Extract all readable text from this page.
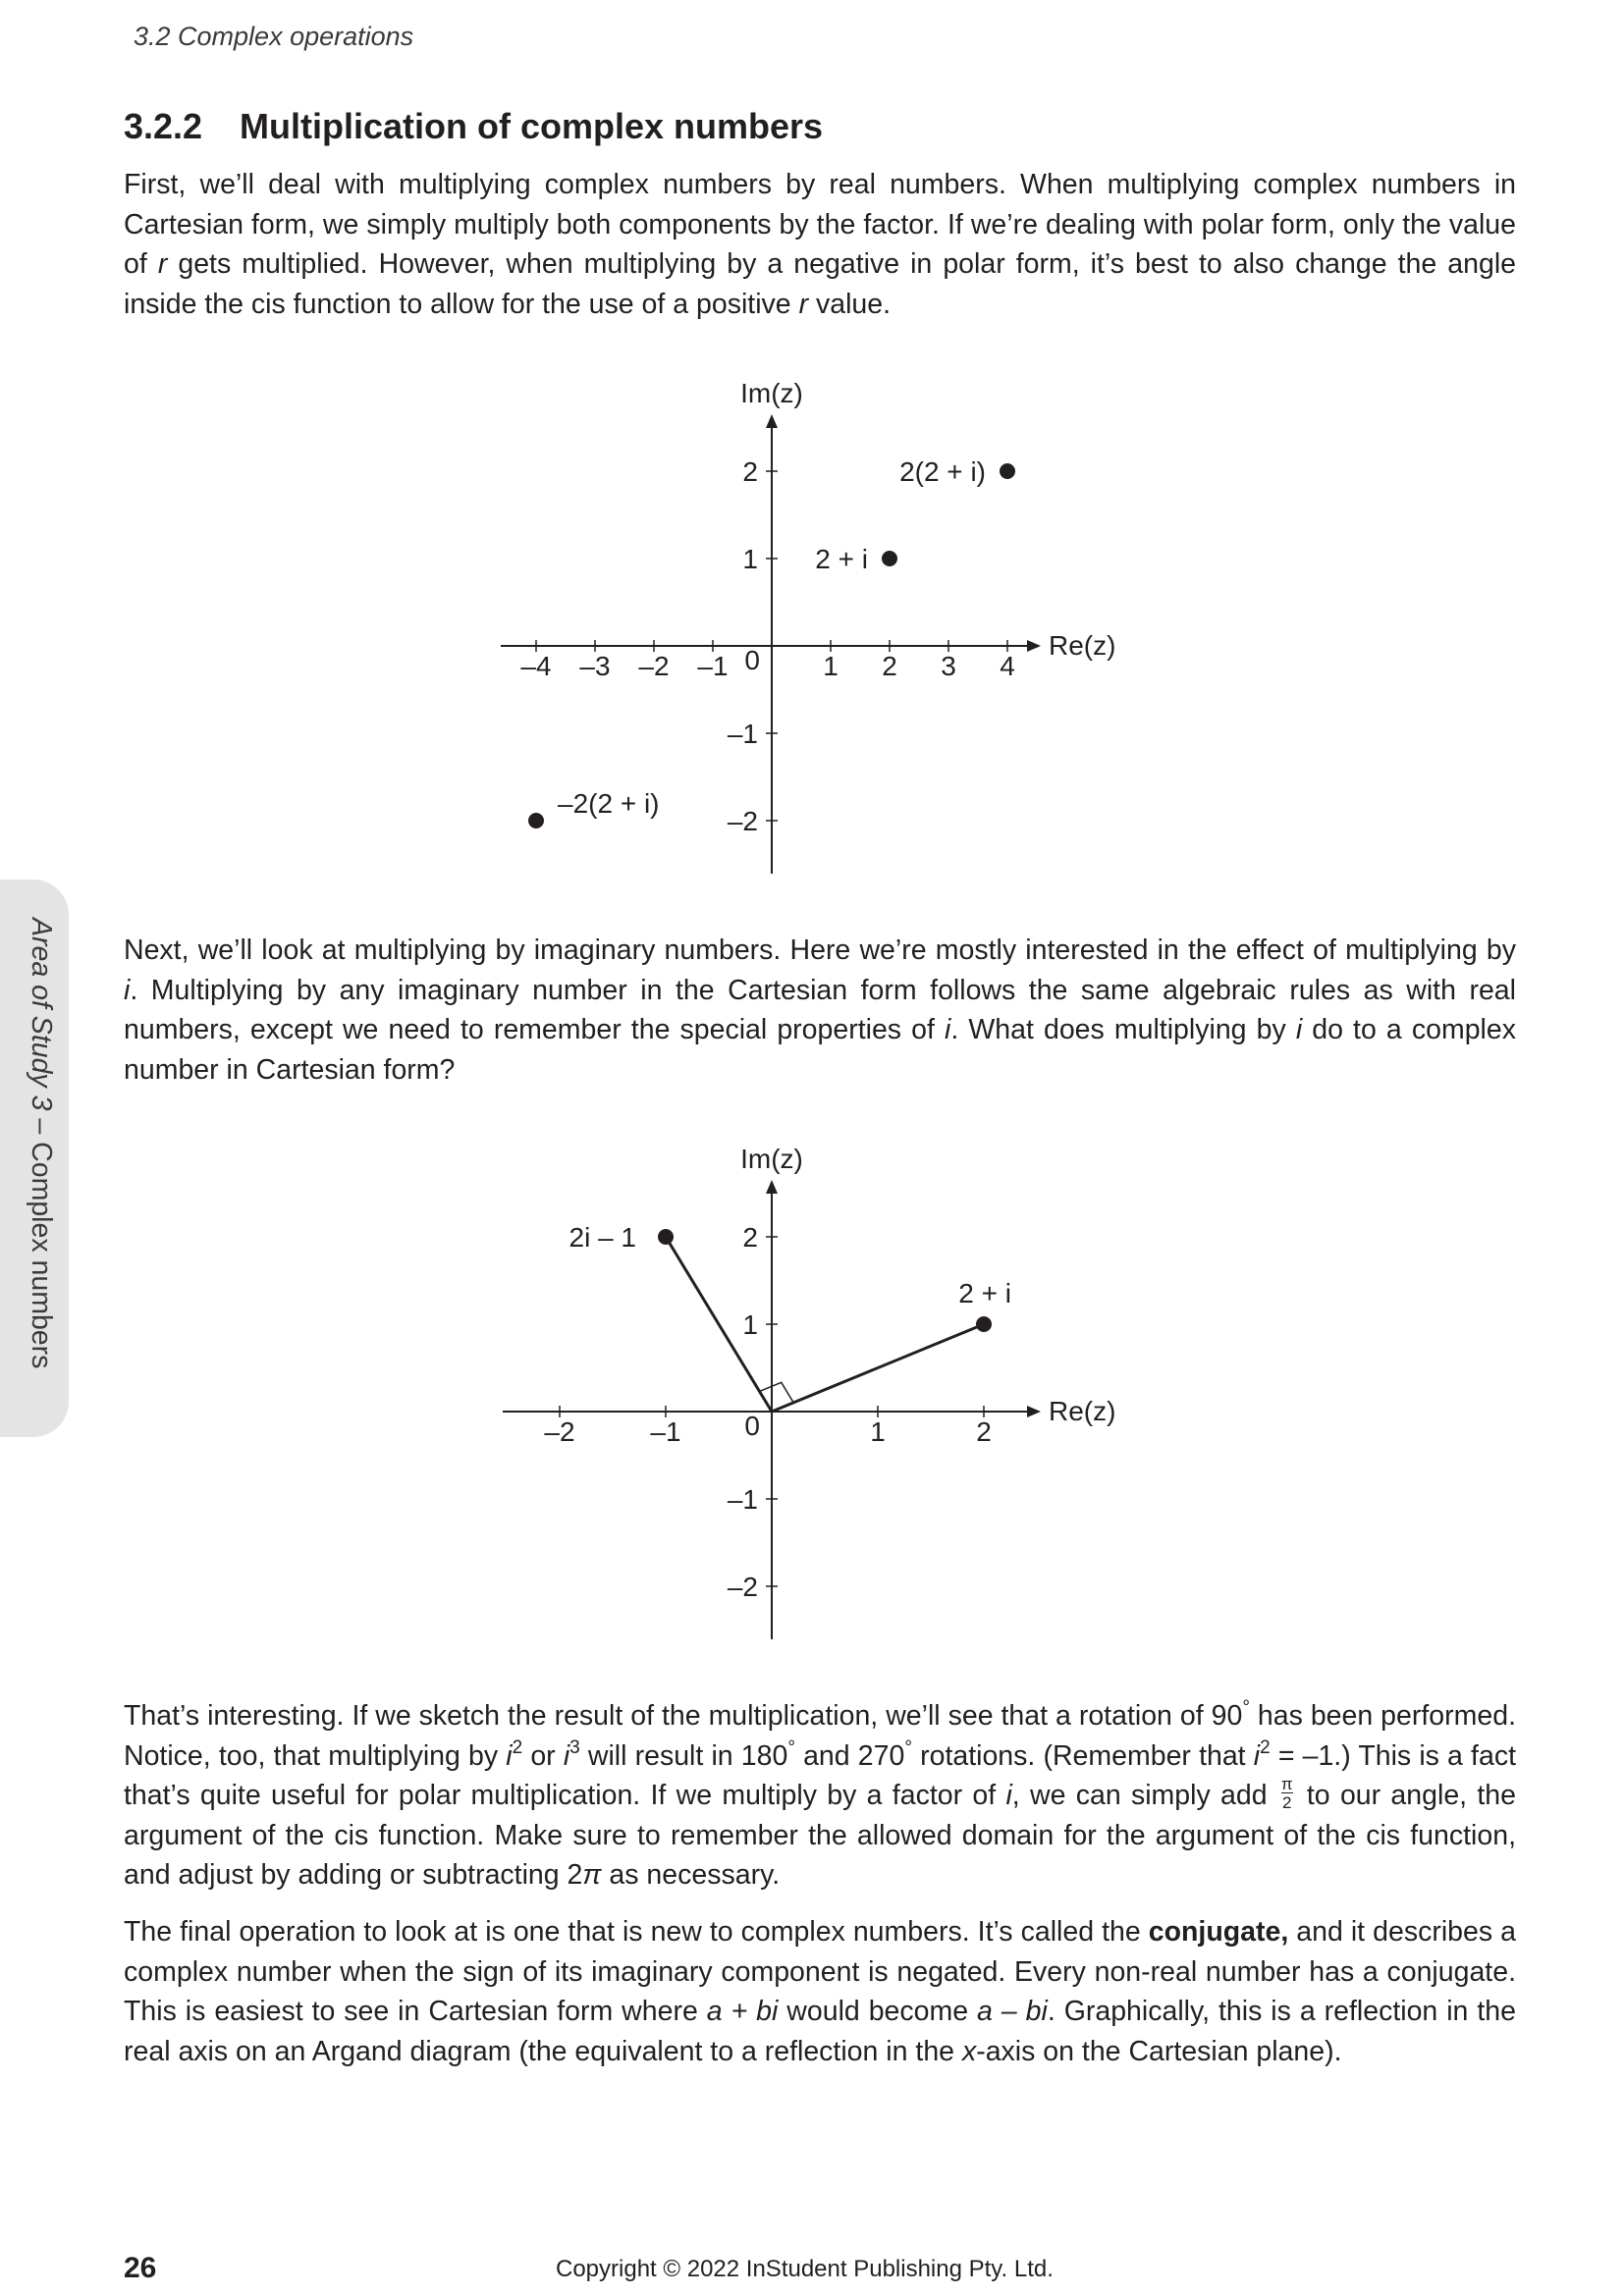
3.2 Complex operations
3.2.2 Multiplication of complex numbers

First, we’ll deal with multiplying complex numbers by real numbers. When multiplying complex numbers in Cartesian form, we simply multiply both components by the factor. If we’re dealing with polar form, only the value of r gets multiplied. However, when multiplying by a negative in polar form, it’s best to also change the angle inside the cis function to allow for the use of a positive r value.

–4 –3 –2 –1	1 2 3 4
2
1
–1
–2
0
Im(z)
Re(z)
2 + i
2(2 + i)
–2(2 + i)

Next, we’ll look at multiplying by imaginary numbers. Here we’re mostly interested in the effect of multiplying by i. Multiplying by any imaginary number in the Cartesian form follows the same algebraic rules as with real numbers, except we need to remember the special properties of i. What does multiplying by i do to a complex number in Cartesian form?

–2	–1	1	2
2
1
–1
–2
0
Im(z)
Re(z)
2 + i
2i – 1

That’s interesting. If we sketch the result of the multiplication, we’ll see that a rotation of 90° has been performed. Notice, too, that multiplying by $i^2$ or $i^3$ will result in 180° and 270° rotations. (Remember that $i^2 = -1$.) This is a fact that’s quite useful for polar multiplication. If we multiply by a factor of i, we can simply add $\frac{\pi}{2}$ to our angle, the argument of the cis function. Make sure to remember the allowed domain for the argument of the cis function, and adjust by adding or subtracting 2π as necessary.

The final operation to look at is one that is new to complex numbers. It’s called the conjugate, and it describes a complex number when the sign of its imaginary component is negated. Every non-real number has a conjugate. This is easiest to see in Cartesian form where a + bi would become a – bi. Graphically, this is a reflection in the real axis on an Argand diagram (the equivalent to a reflection in the x-axis on the Cartesian plane).

Area of Study 3 – Complex numbers
26	Copyright © 2022 InStudent Publishing Pty. Ltd.
